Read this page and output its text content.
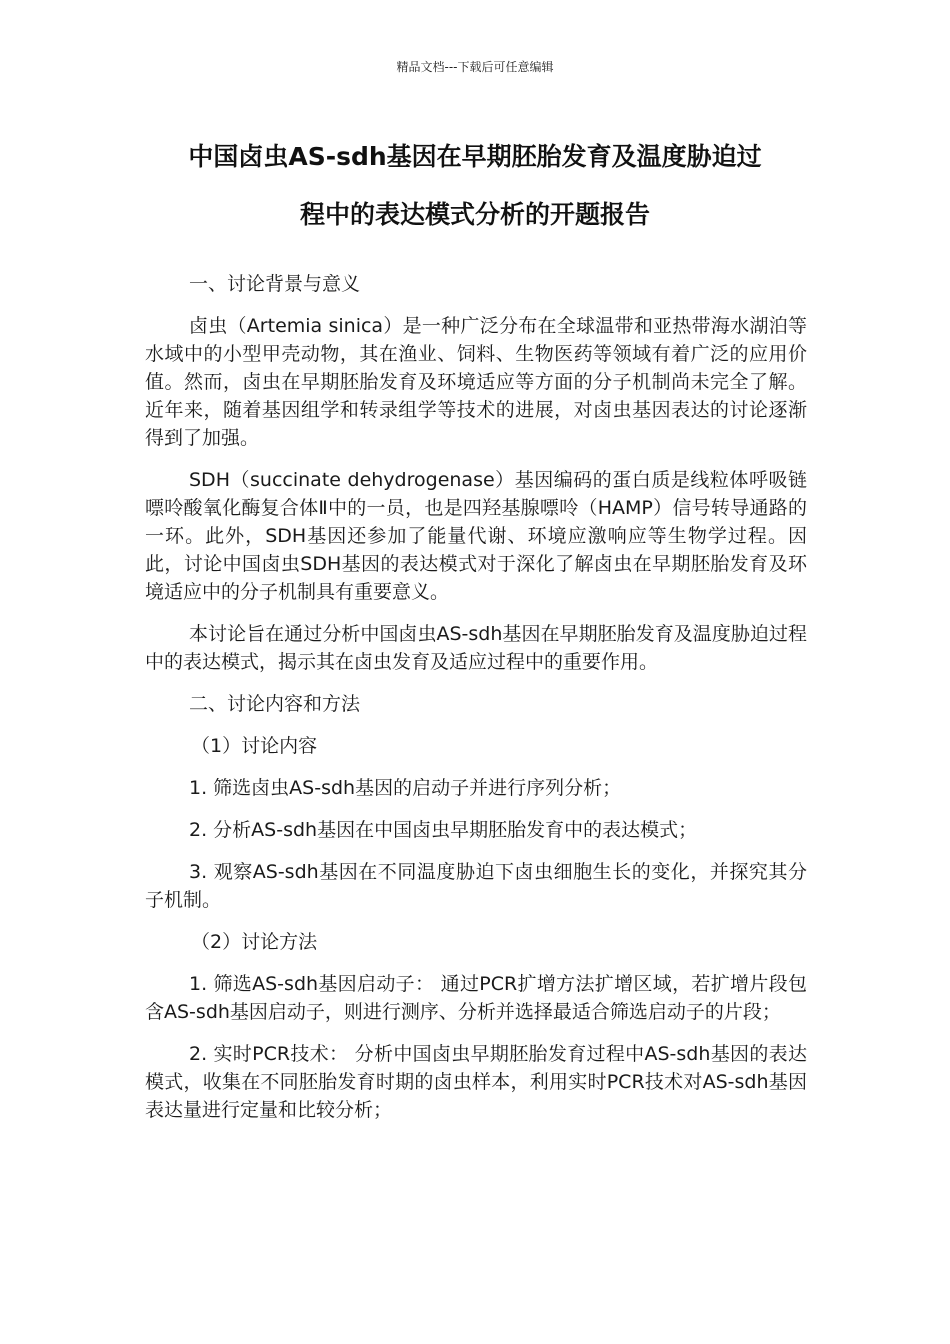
精品文档---下载后可任意编辑
中国卤虫AS-sdh基因在早期胚胎发育及温度胁迫过
程中的表达模式分析的开题报告
一、讨论背景与意义

卤虫（Artemia sinica）是一种广泛分布在全球温带和亚热带海水湖泊等水域中的小型甲壳动物，其在渔业、饲料、生物医药等领域有着广泛的应用价值。然而，卤虫在早期胚胎发育及环境适应等方面的分子机制尚未完全了解。近年来，随着基因组学和转录组学等技术的进展，对卤虫基因表达的讨论逐渐得到了加强。

SDH（succinate dehydrogenase）基因编码的蛋白质是线粒体呼吸链嘌呤酸氧化酶复合体Ⅱ中的一员，也是四羟基腺嘌呤（HAMP）信号转导通路的一环。此外，SDH基因还参加了能量代谢、环境应激响应等生物学过程。因此，讨论中国卤虫SDH基因的表达模式对于深化了解卤虫在早期胚胎发育及环境适应中的分子机制具有重要意义。

本讨论旨在通过分析中国卤虫AS-sdh基因在早期胚胎发育及温度胁迫过程中的表达模式，揭示其在卤虫发育及适应过程中的重要作用。

二、讨论内容和方法
（1）讨论内容

1. 筛选卤虫AS-sdh基因的启动子并进行序列分析；

2. 分析AS-sdh基因在中国卤虫早期胚胎发育中的表达模式；

3. 观察AS-sdh基因在不同温度胁迫下卤虫细胞生长的变化，并探究其分子机制。

（2）讨论方法

1. 筛选AS-sdh基因启动子： 通过PCR扩增方法扩增区域，若扩增片段包含AS-sdh基因启动子，则进行测序、分析并选择最适合筛选启动子的片段；

2. 实时PCR技术： 分析中国卤虫早期胚胎发育过程中AS-sdh基因的表达模式，收集在不同胚胎发育时期的卤虫样本，利用实时PCR技术对AS-sdh基因表达量进行定量和比较分析；
